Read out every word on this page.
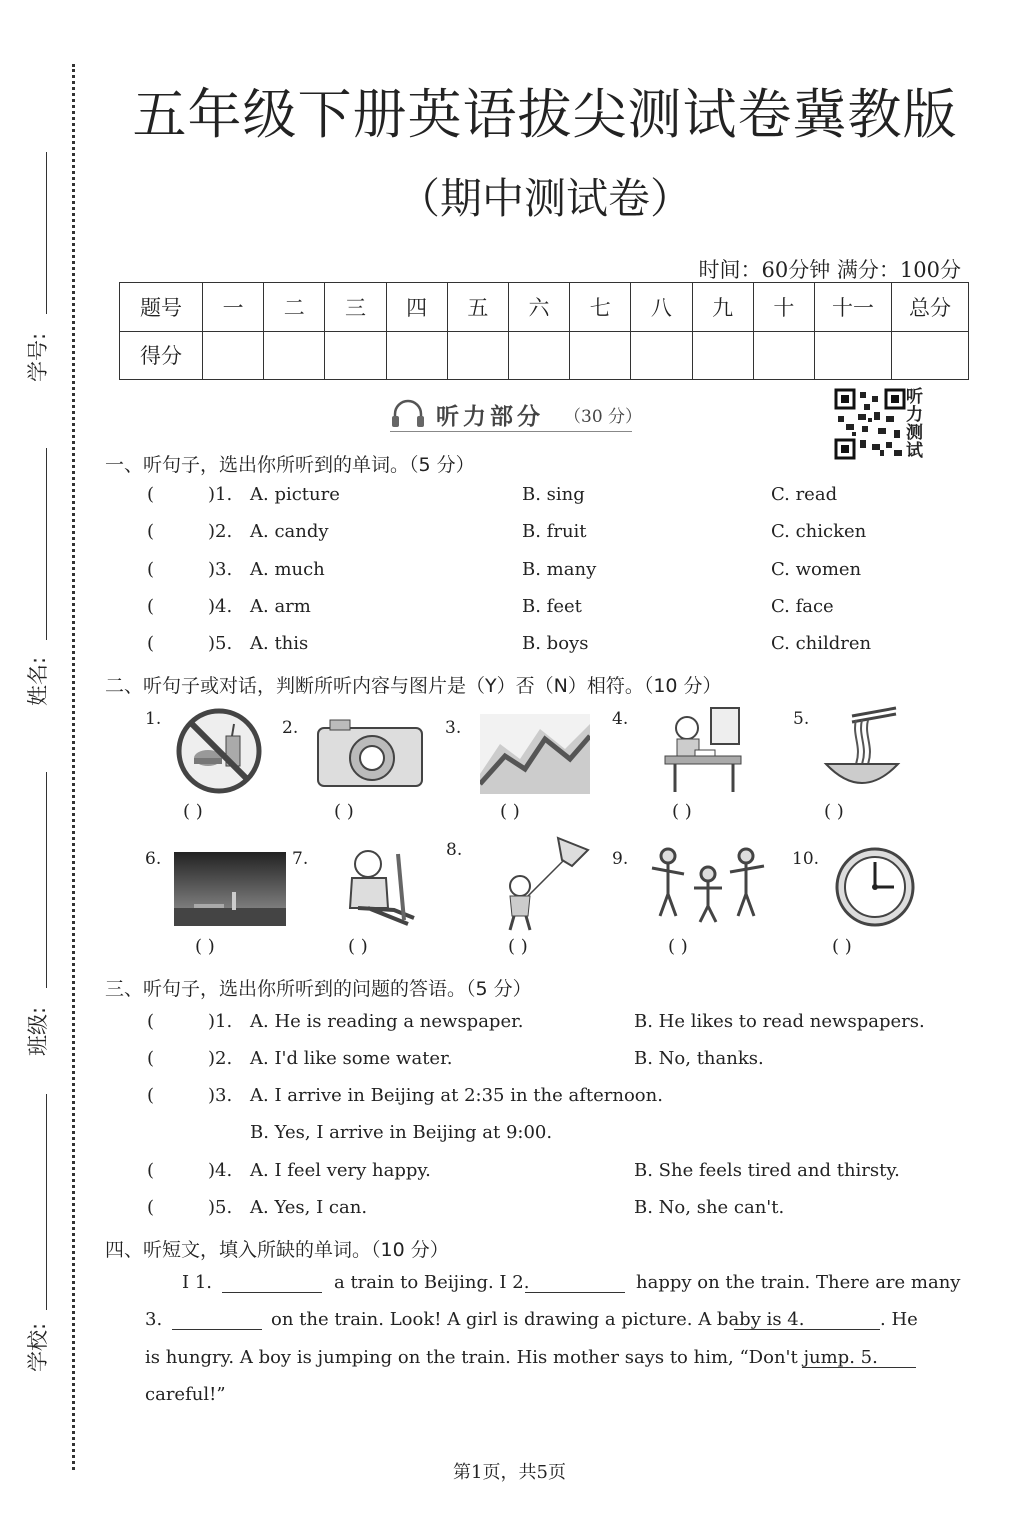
学号:
姓名:
班级:
学校:
五年级下册英语拔尖测试卷冀教版
（期中测试卷）
时间：60分钟 满分：100分
题号	一	二	三	四	五	六	七	八	九	十	十一	总分
得分												
听力部分 （30 分）
听力测试
一、听句子，选出你所听到的单词。（5 分）
(	)1. A. picture	B. sing	C. read
(	)2. A. candy	B. fruit	C. chicken
(	)3. A. much	B. many	C. women
(	)4. A. arm	B. feet	C. face
(	)5. A. this	B. boys	C. children
二、听句子或对话，判断所听内容与图片是（Y）否（N）相符。（10 分）
1.
( )
2.
( )
3.
( )
4.
( )
5.
( )
6.
( )
7.
( )
8.
( )
9.
( )
10.
( )
三、听句子，选出你所听到的问题的答语。（5 分）
(	)1. A. He is reading a newspaper.	B. He likes to read newspapers.
(	)2. A. I'd like some water.	B. No, thanks.
(	)3. A. I arrive in Beijing at 2:35 in the afternoon.
B. Yes, I arrive in Beijing at 9:00.
(	)4. A. I feel very happy.	B. She feels tired and thirsty.
(	)5. A. Yes, I can.	B. No, she can't.
四、听短文，填入所缺的单词。（10 分）
I 1.	a train to Beijing. I 2.	happy on the train. There are many
3.	on the train. Look! A girl is drawing a picture. A baby is 4.	. He
is hungry. A boy is jumping on the train. His mother says to him, “Don't jump. 5.
careful!”
第1页，共5页
